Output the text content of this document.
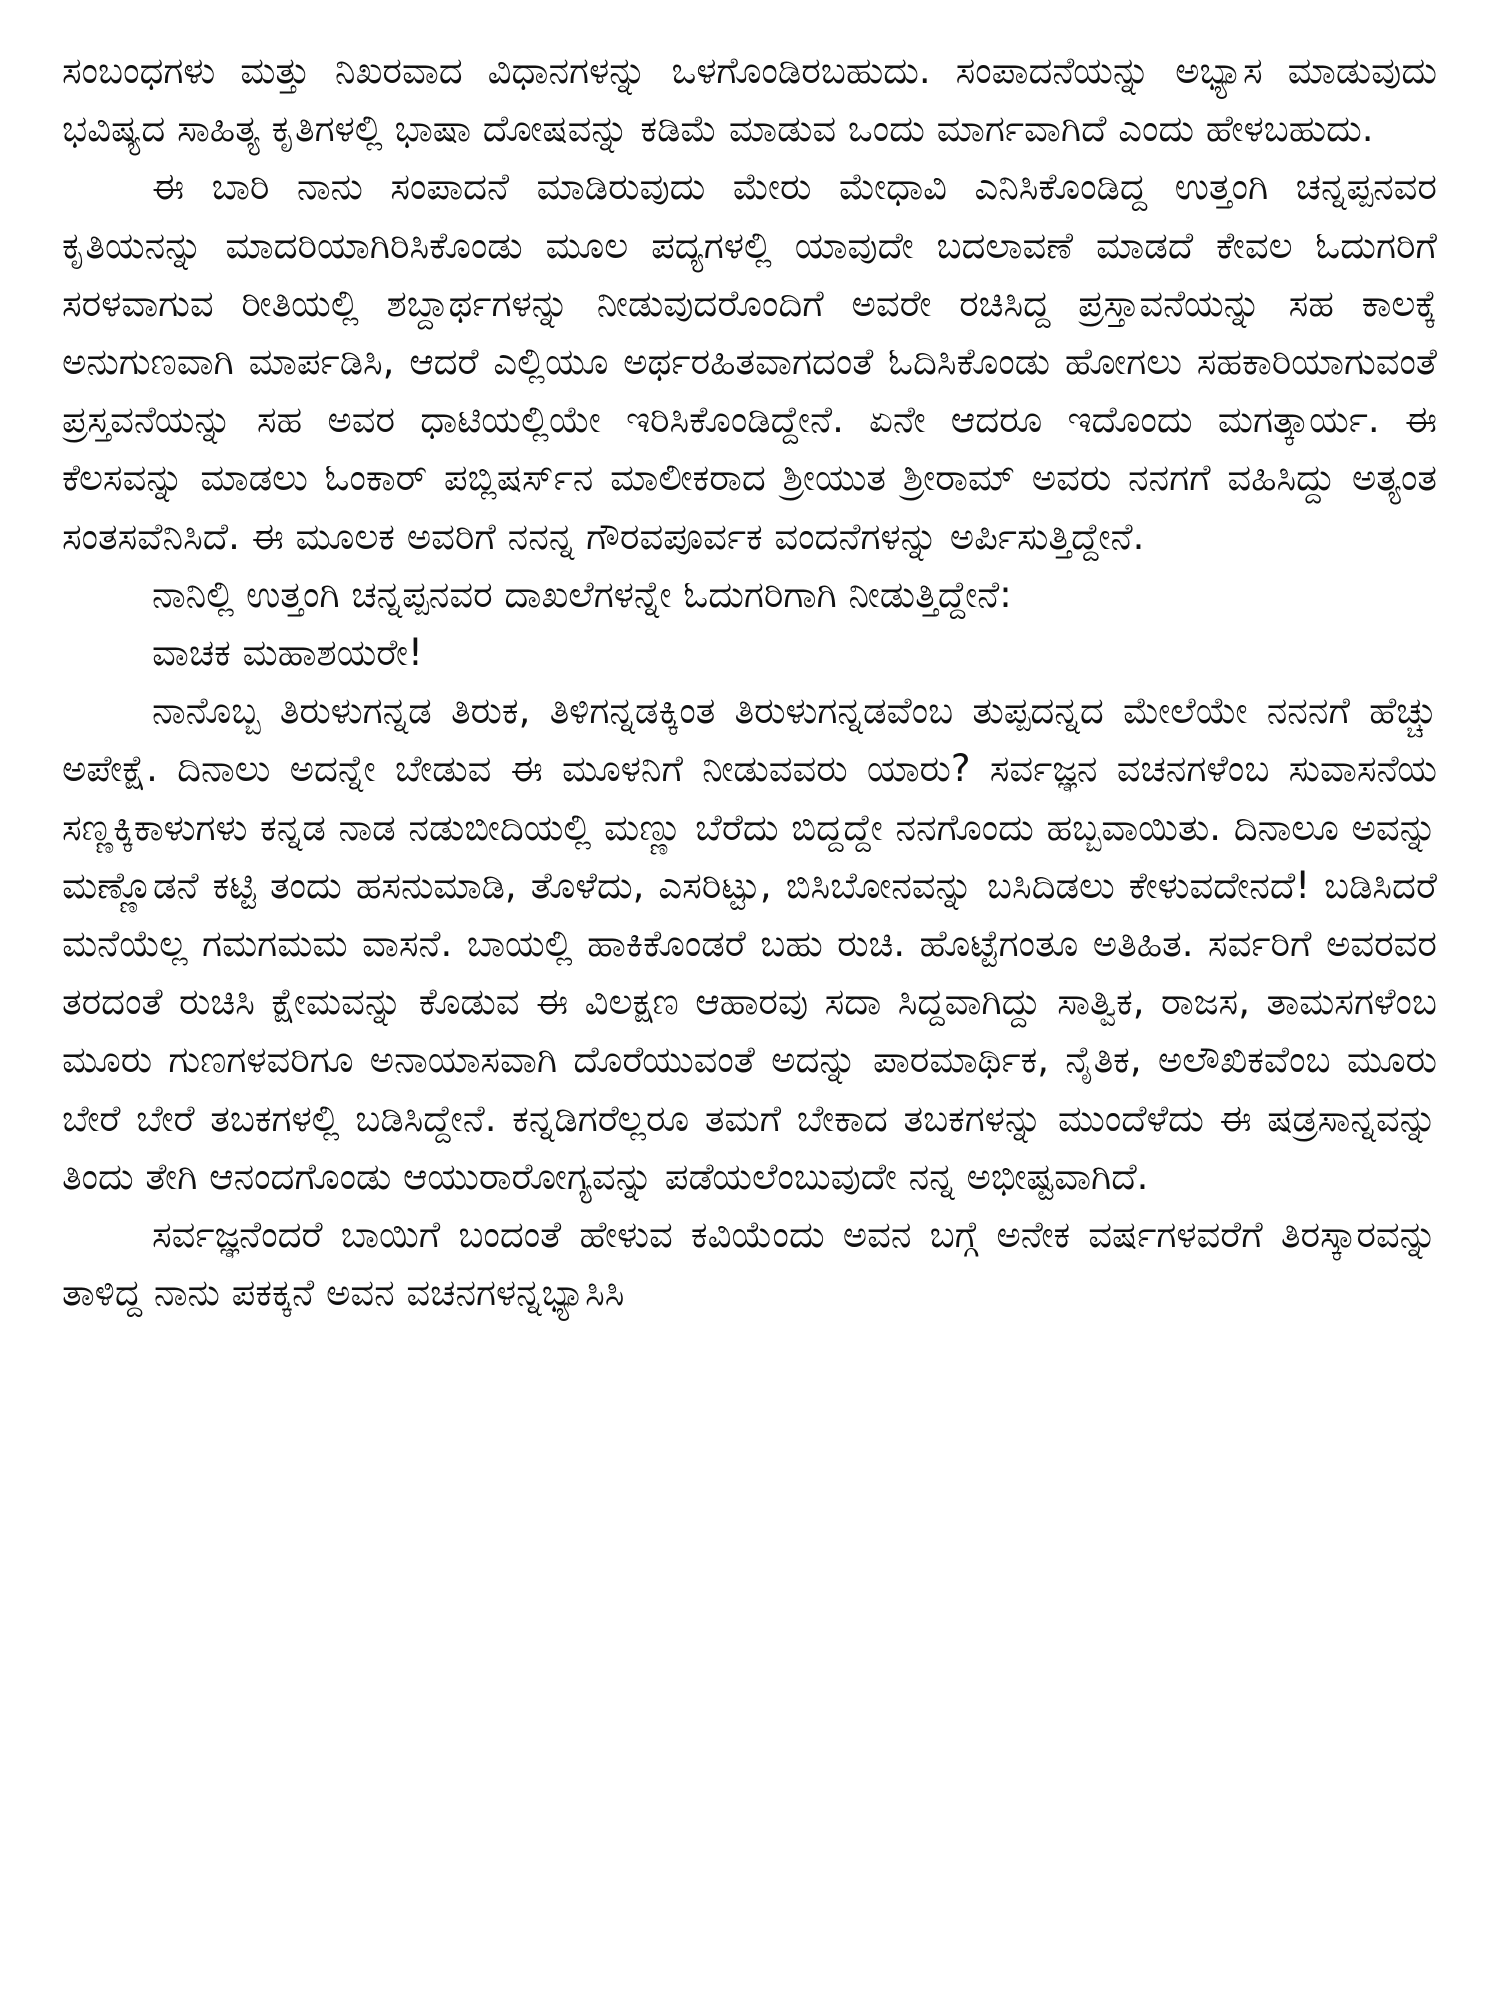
ಸಂಬಂಧಗಳು ಮತ್ತು ನಿಖರವಾದ ವಿಧಾನಗಳನ್ನು ಒಳಗೊಂಡಿರಬಹುದು. ಸಂಪಾದನೆಯನ್ನು ಅಭ್ಯಾಸ ಮಾಡುವುದು ಭವಿಷ್ಯದ ಸಾಹಿತ್ಯ ಕೃತಿಗಳಲ್ಲಿ ಭಾಷಾ ದೋಷವನ್ನು ಕಡಿಮೆ ಮಾಡುವ ಒಂದು ಮಾರ್ಗವಾಗಿದೆ ಎಂದು ಹೇಳಬಹುದು.

ಈ ಬಾರಿ ನಾನು ಸಂಪಾದನೆ ಮಾಡಿರುವುದು ಮೇರು ಮೇಧಾವಿ ಎನಿಸಿಕೊಂಡಿದ್ದ ಉತ್ತಂಗಿ ಚನ್ನಪ್ಪನವರ ಕೃತಿಯನನ್ನು ಮಾದರಿಯಾಗಿರಿಸಿಕೊಂಡು ಮೂಲ ಪದ್ಯಗಳಲ್ಲಿ ಯಾವುದೇ ಬದಲಾವಣೆ ಮಾಡದೆ ಕೇವಲ ಓದುಗರಿಗೆ ಸರಳವಾಗುವ ರೀತಿಯಲ್ಲಿ ಶಬ್ದಾರ್ಥಗಳನ್ನು ನೀಡುವುದರೊಂದಿಗೆ ಅವರೇ ರಚಿಸಿದ್ದ ಪ್ರಸ್ತಾವನೆಯನ್ನು ಸಹ ಕಾಲಕ್ಕೆ ಅನುಗುಣವಾಗಿ ಮಾರ್ಪಡಿಸಿ, ಆದರೆ ಎಲ್ಲಿಯೂ ಅರ್ಥರಹಿತವಾಗದಂತೆ ಓದಿಸಿಕೊಂಡು ಹೋಗಲು ಸಹಕಾರಿಯಾಗುವಂತೆ ಪ್ರಸ್ತವನೆಯನ್ನು ಸಹ ಅವರ ಧಾಟಿಯಲ್ಲಿಯೇ ಇರಿಸಿಕೊಂಡಿದ್ದೇನೆ. ಏನೇ ಆದರೂ ಇದೊಂದು ಮಗತ್ಕಾರ್ಯ. ಈ ಕೆಲಸವನ್ನು ಮಾಡಲು ಓಂಕಾರ್ ಪಬ್ಲಿಷರ್ಸ್‌ನ ಮಾಲೀಕರಾದ ಶ್ರೀಯುತ ಶ್ರೀರಾಮ್ ಅವರು ನನಗಗೆ ವಹಿಸಿದ್ದು ಅತ್ಯಂತ ಸಂತಸವೆನಿಸಿದೆ. ಈ ಮೂಲಕ ಅವರಿಗೆ ನನನ್ನ ಗೌರವಪೂರ್ವಕ ವಂದನೆಗಳನ್ನು ಅರ್ಪಿಸುತ್ತಿದ್ದೇನೆ.

ನಾನಿಲ್ಲಿ ಉತ್ತಂಗಿ ಚನ್ನಪ್ಪನವರ ದಾಖಲೆಗಳನ್ನೇ ಓದುಗರಿಗಾಗಿ ನೀಡುತ್ತಿದ್ದೇನೆ:

ವಾಚಕ ಮಹಾಶಯರೇ!

ನಾನೊಬ್ಬ ತಿರುಳುಗನ್ನಡ ತಿರುಕ, ತಿಳಿಗನ್ನಡಕ್ಕಿಂತ ತಿರುಳುಗನ್ನಡವೆಂಬ ತುಪ್ಪದನ್ನದ ಮೇಲೆಯೇ ನನನಗೆ ಹೆಚ್ಚು ಅಪೇಕ್ಷೆ. ದಿನಾಲು ಅದನ್ನೇ ಬೇಡುವ ಈ ಮೂಳನಿಗೆ ನೀಡುವವರು ಯಾರು? ಸರ್ವಜ್ಞನ ವಚನಗಳೆಂಬ ಸುವಾಸನೆಯ ಸಣ್ಣಕ್ಕಿಕಾಳುಗಳು ಕನ್ನಡ ನಾಡ ನಡುಬೀದಿಯಲ್ಲಿ ಮಣ್ಣು ಬೆರೆದು ಬಿದ್ದದ್ದೇ ನನಗೊಂದು ಹಬ್ಬವಾಯಿತು. ದಿನಾಲೂ ಅವನ್ನು ಮಣ್ಣೊಡನೆ ಕಟ್ಟಿ ತಂದು ಹಸನುಮಾಡಿ, ತೊಳೆದು, ಎಸರಿಟ್ಟು, ಬಿಸಿಬೋನವನ್ನು ಬಸಿದಿಡಲು ಕೇಳುವದೇನದೆ! ಬಡಿಸಿದರೆ ಮನೆಯೆಲ್ಲ ಗಮಗಮಮ ವಾಸನೆ. ಬಾಯಲ್ಲಿ ಹಾಕಿಕೊಂಡರೆ ಬಹು ರುಚಿ. ಹೊಟ್ಟೆಗಂತೂ ಅತಿಹಿತ. ಸರ್ವರಿಗೆ ಅವರವರ ತರದಂತೆ ರುಚಿಸಿ ಕ್ಷೇಮವನ್ನು ಕೊಡುವ ಈ ವಿಲಕ್ಷಣ ಆಹಾರವು ಸದಾ ಸಿದ್ದವಾಗಿದ್ದು ಸಾತ್ವಿಕ, ರಾಜಸ, ತಾಮಸಗಳೆಂಬ ಮೂರು ಗುಣಗಳವರಿಗೂ ಅನಾಯಾಸವಾಗಿ ದೊರೆಯುವಂತೆ ಅದನ್ನು ಪಾರಮಾರ್ಥಿಕ, ನೈತಿಕ, ಅಲೌಖಿಕವೆಂಬ ಮೂರು ಬೇರೆ ಬೇರೆ ತಬಕಗಳಲ್ಲಿ ಬಡಿಸಿದ್ದೇನೆ. ಕನ್ನಡಿಗರೆಲ್ಲರೂ ತಮಗೆ ಬೇಕಾದ ತಬಕಗಳನ್ನು ಮುಂದೆಳೆದು ಈ ಷಡ್ರಸಾನ್ನವನ್ನು ತಿಂದು ತೇಗಿ ಆನಂದಗೊಂಡು ಆಯುರಾರೋಗ್ಯವನ್ನು ಪಡೆಯಲೆಂಬುವುದೇ ನನ್ನ ಅಭೀಷ್ಟವಾಗಿದೆ.

ಸರ್ವಜ್ಞನೆಂದರೆ ಬಾಯಿಗೆ ಬಂದಂತೆ ಹೇಳುವ ಕವಿಯೆಂದು ಅವನ ಬಗ್ಗೆ ಅನೇಕ ವರ್ಷಗಳವರೆಗೆ ತಿರಸ್ಕಾರವನ್ನು ತಾಳಿದ್ದ ನಾನು ಪಕಕ್ಕನೆ ಅವನ ವಚನಗಳನ್ನಭ್ಯಾಸಿಸಿ
